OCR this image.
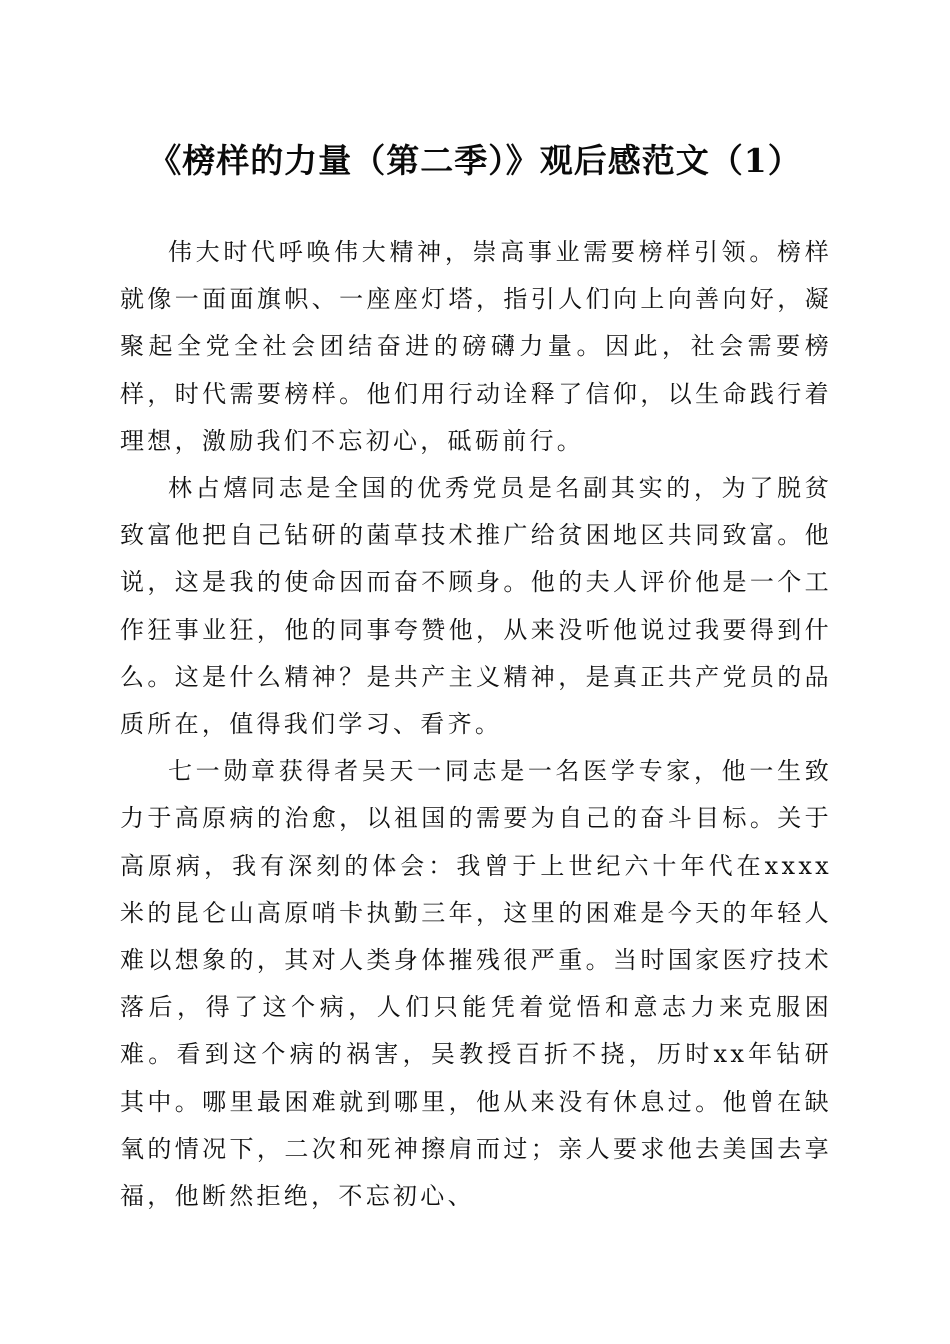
《榜样的力量（第二季）》观后感范文（1）

伟大时代呼唤伟大精神，崇高事业需要榜样引领。榜样就像一面面旗帜、一座座灯塔，指引人们向上向善向好，凝聚起全党全社会团结奋进的磅礴力量。因此，社会需要榜样，时代需要榜样。他们用行动诠释了信仰，以生命践行着理想，激励我们不忘初心，砥砺前行。

林占熺同志是全国的优秀党员是名副其实的，为了脱贫致富他把自己钻研的菌草技术推广给贫困地区共同致富。他说，这是我的使命因而奋不顾身。他的夫人评价他是一个工作狂事业狂，他的同事夸赞他，从来没听他说过我要得到什么。这是什么精神？是共产主义精神，是真正共产党员的品质所在，值得我们学习、看齐。

七一勋章获得者吴天一同志是一名医学专家，他一生致力于高原病的治愈，以祖国的需要为自己的奋斗目标。关于高原病，我有深刻的体会：我曾于上世纪六十年代在xxxx米的昆仑山高原哨卡执勤三年，这里的困难是今天的年轻人难以想象的，其对人类身体摧残很严重。当时国家医疗技术落后，得了这个病，人们只能凭着觉悟和意志力来克服困难。看到这个病的祸害，吴教授百折不挠，历时xx年钻研其中。哪里最困难就到哪里，他从来没有休息过。他曾在缺氧的情况下，二次和死神擦肩而过；亲人要求他去美国去享福，他断然拒绝，不忘初心、
